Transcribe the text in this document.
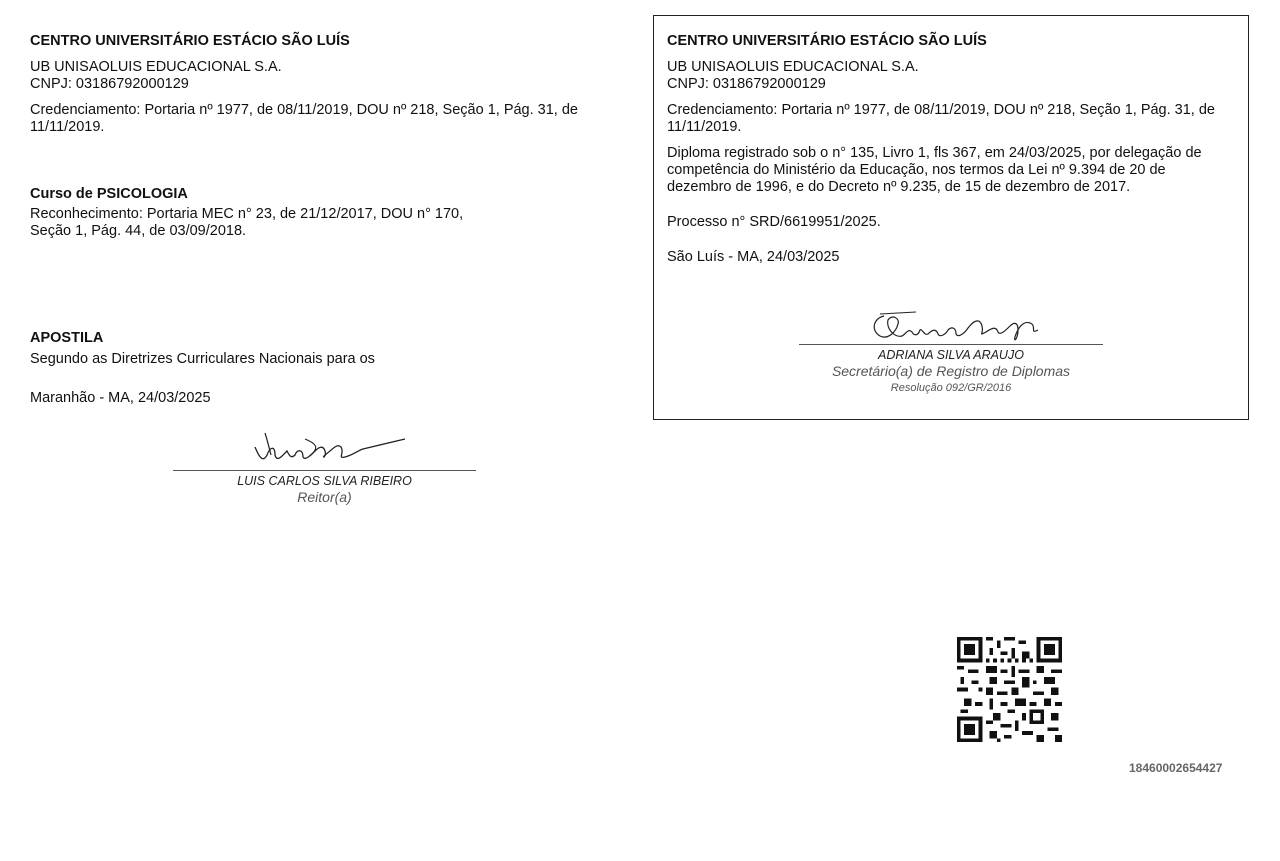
CENTRO UNIVERSITÁRIO ESTÁCIO SÃO LUÍS

UB UNISAOLUIS EDUCACIONAL S.A.

CNPJ: 03186792000129

Credenciamento: Portaria nº 1977, de 08/11/2019, DOU nº 218, Seção 1, Pág. 31, de 11/11/2019.

Curso de PSICOLOGIA

Reconhecimento: Portaria MEC n° 23, de 21/12/2017, DOU n° 170,

Seção 1, Pág. 44, de 03/09/2018.

APOSTILA

Segundo as Diretrizes Curriculares Nacionais para os

Maranhão - MA, 24/03/2025

LUIS CARLOS SILVA RIBEIRO
Reitor(a)

CENTRO UNIVERSITÁRIO ESTÁCIO SÃO LUÍS

UB UNISAOLUIS EDUCACIONAL S.A.

CNPJ: 03186792000129

Credenciamento: Portaria nº 1977, de 08/11/2019, DOU nº 218, Seção 1, Pág. 31, de 11/11/2019.

Diploma registrado sob o n° 135, Livro 1, fls 367, em 24/03/2025, por delegação de competência do Ministério da Educação, nos termos da Lei nº 9.394 de 20 de dezembro de 1996, e do Decreto nº 9.235, de 15 de dezembro de 2017.

Processo n° SRD/6619951/2025.

São Luís - MA, 24/03/2025

ADRIANA SILVA ARAUJO
Secretário(a) de Registro de Diplomas
Resolução 092/GR/2016
18460002654427
